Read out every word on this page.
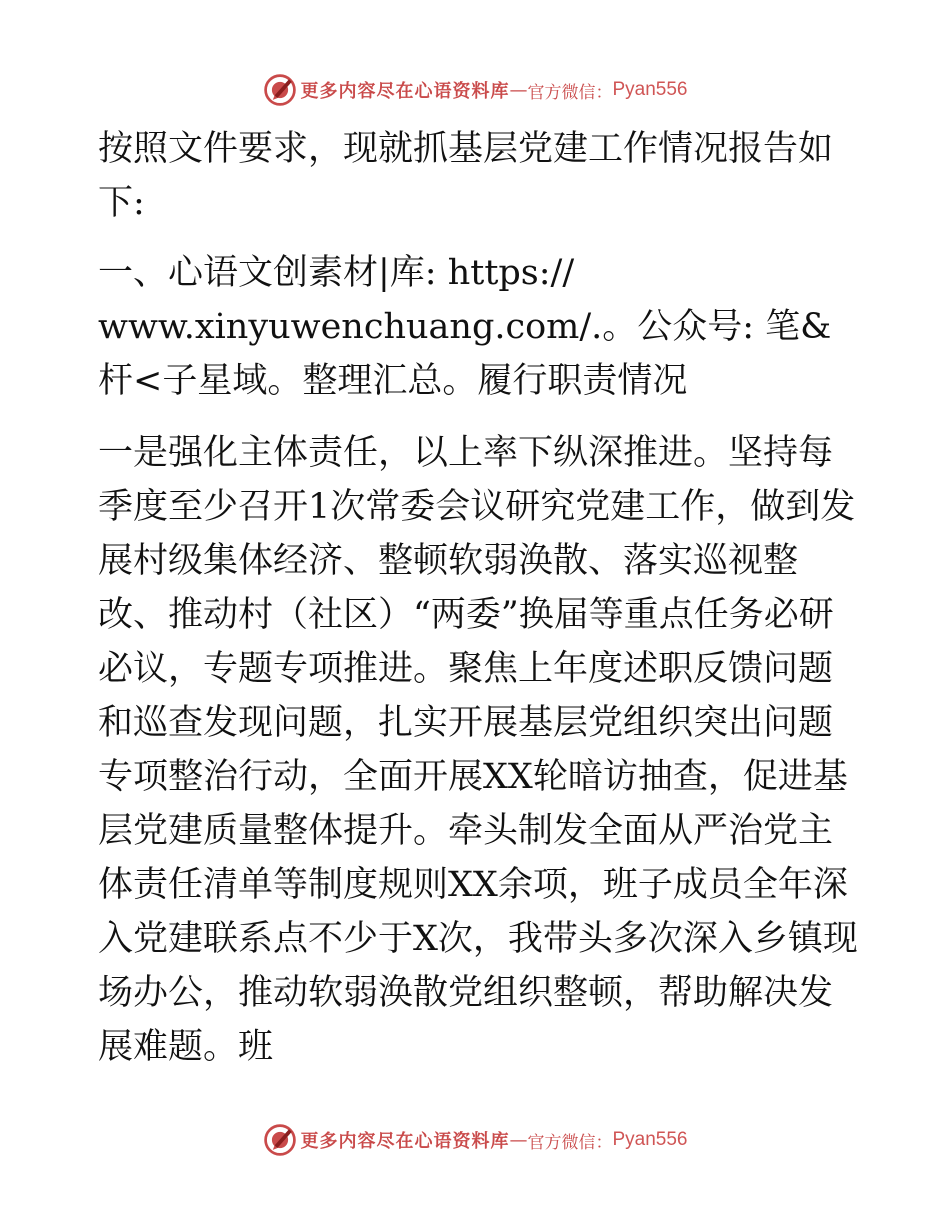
更多内容尽在心语资料库 — 官方微信： Pyan556

按照文件要求，现就抓基层党建工作情况报告如下:

一、心语文创素材|库: https://

www.xinyuwenchuang.com/.。公众号: 笔&杆<子星域。整理汇总。履行职责情况

一是强化主体责任，以上率下纵深推进。坚持每季度至少召开1次常委会议研究党建工作，做到发展村级集体经济、整顿软弱涣散、落实巡视整改、推动村（社区）“两委”换届等重点任务必研必议，专题专项推进。聚焦上年度述职反馈问题和巡查发现问题，扎实开展基层党组织突出问题专项整治行动，全面开展XX轮暗访抽查，促进基层党建质量整体提升。牵头制发全面从严治党主体责任清单等制度规则XX余项，班子成员全年深入党建联系点不少于X次，我带头多次深入乡镇现场办公，推动软弱涣散党组织整顿，帮助解决发展难题。班

更多内容尽在心语资料库 — 官方微信： Pyan556
